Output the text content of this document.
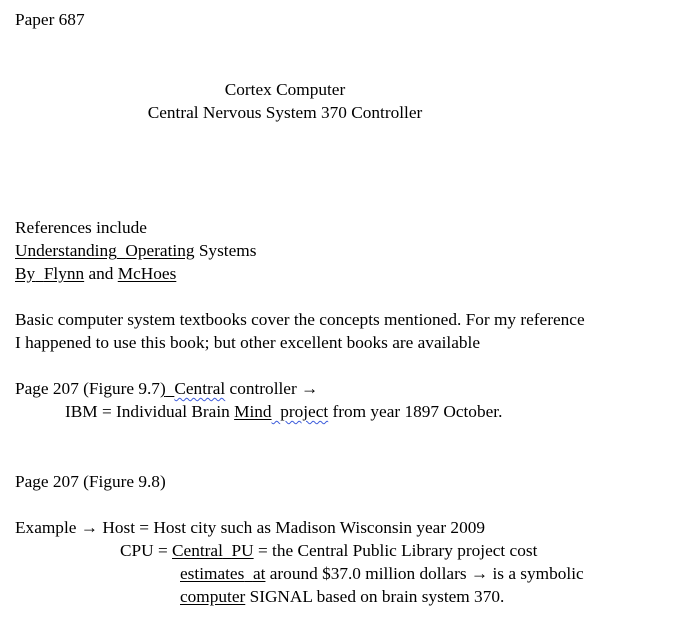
Paper 687
Cortex Computer
Central Nervous System 370 Controller
References include
Understanding Operating Systems
By Flynn and McHoes
Basic computer system textbooks cover the concepts mentioned. For my reference
I happened to use this book; but other excellent books are available
Page 207 (Figure 9.7) Central controller →
IBM = Individual Brain Mind project from year 1897 October.
Page 207 (Figure 9.8)
Example → Host = Host city such as Madison Wisconsin year 2009
CPU = Central PU = the Central Public Library project cost
estimates at around $37.0 million dollars → is a symbolic
computer SIGNAL based on brain system 370.
